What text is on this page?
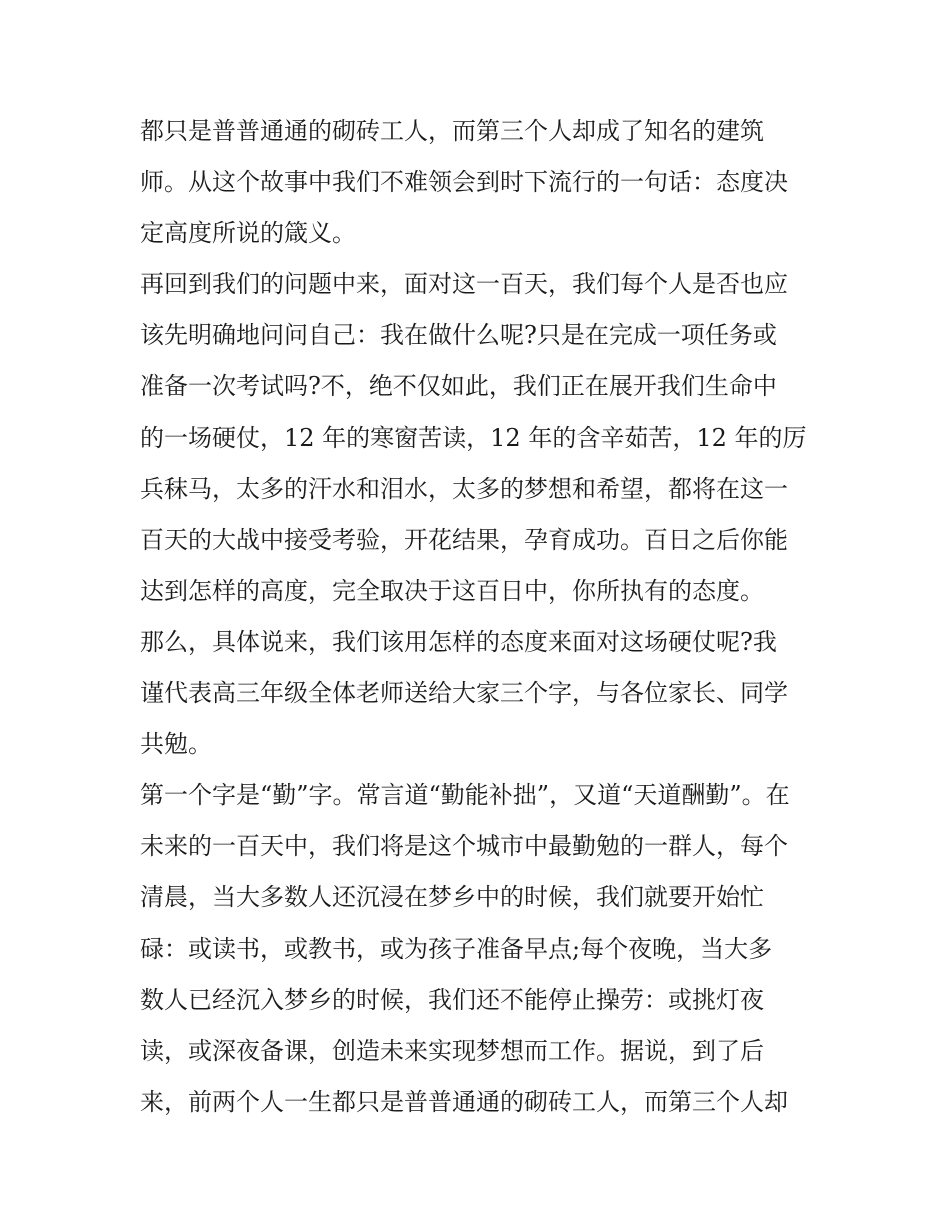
都只是普普通通的砌砖工人，而第三个人却成了知名的建筑
师。从这个故事中我们不难领会到时下流行的一句话：态度决
定高度所说的箴义。
再回到我们的问题中来，面对这一百天，我们每个人是否也应
该先明确地问问自己：我在做什么呢?只是在完成一项任务或
准备一次考试吗?不，绝不仅如此，我们正在展开我们生命中
的一场硬仗，12 年的寒窗苦读，12 年的含辛茹苦，12 年的厉
兵秣马，太多的汗水和泪水，太多的梦想和希望，都将在这一
百天的大战中接受考验，开花结果，孕育成功。百日之后你能
达到怎样的高度，完全取决于这百日中，你所执有的态度。
那么，具体说来，我们该用怎样的态度来面对这场硬仗呢?我
谨代表高三年级全体老师送给大家三个字，与各位家长、同学
共勉。
第一个字是“勤”字。常言道“勤能补拙”，又道“天道酬勤”。在
未来的一百天中，我们将是这个城市中最勤勉的一群人，每个
清晨，当大多数人还沉浸在梦乡中的时候，我们就要开始忙
碌：或读书，或教书，或为孩子准备早点;每个夜晚，当大多
数人已经沉入梦乡的时候，我们还不能停止操劳：或挑灯夜
读，或深夜备课，创造未来实现梦想而工作。据说，到了后
来，前两个人一生都只是普普通通的砌砖工人，而第三个人却
